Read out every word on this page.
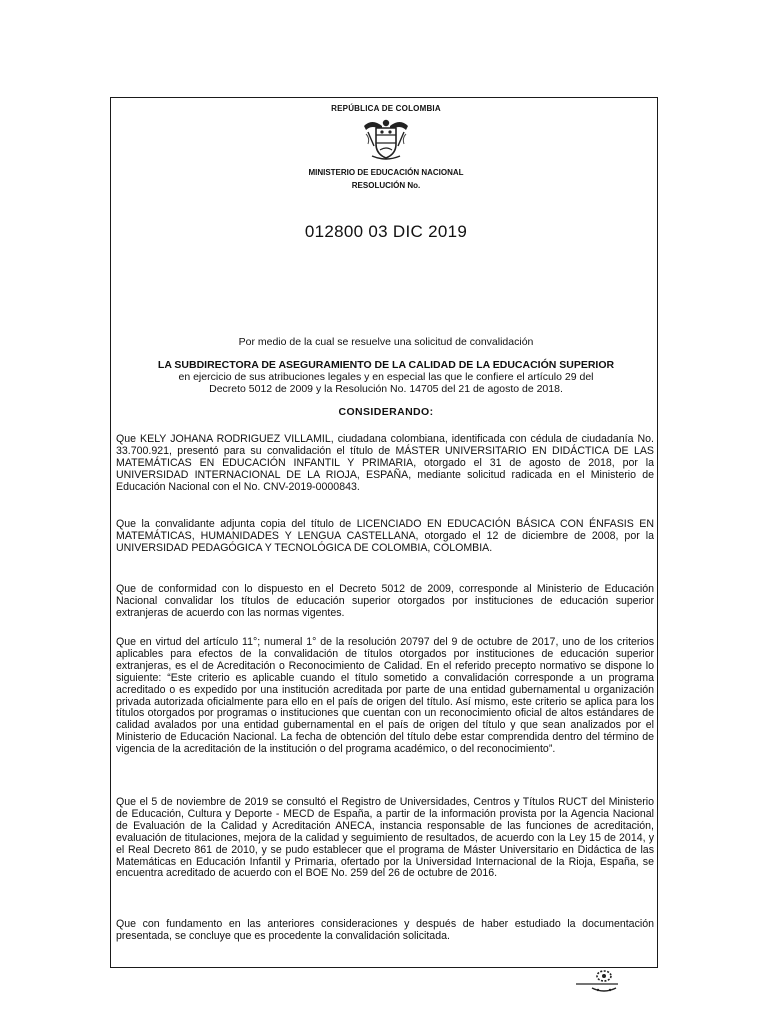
REPÚBLICA DE COLOMBIA
MINISTERIO DE EDUCACIÓN NACIONAL
RESOLUCIÓN No.
012800 03 DIC 2019
Por medio de la cual se resuelve una solicitud de convalidación
LA SUBDIRECTORA DE ASEGURAMIENTO DE LA CALIDAD DE LA EDUCACIÓN SUPERIOR
en ejercicio de sus atribuciones legales y en especial las que le confiere el artículo 29 del
Decreto 5012 de 2009 y la Resolución No. 14705 del 21 de agosto de 2018.
CONSIDERANDO:
Que KELY JOHANA RODRIGUEZ VILLAMIL, ciudadana colombiana, identificada con cédula de ciudadanía No. 33.700.921, presentó para su convalidación el título de MÁSTER UNIVERSITARIO EN DIDÁCTICA DE LAS MATEMÁTICAS EN EDUCACIÓN INFANTIL Y PRIMARIA, otorgado el 31 de agosto de 2018, por la UNIVERSIDAD INTERNACIONAL DE LA RIOJA, ESPAÑA, mediante solicitud radicada en el Ministerio de Educación Nacional con el No. CNV-2019-0000843.
Que la convalidante adjunta copia del título de LICENCIADO EN EDUCACIÓN BÁSICA CON ÉNFASIS EN MATEMÁTICAS, HUMANIDADES Y LENGUA CASTELLANA, otorgado el 12 de diciembre de 2008, por la UNIVERSIDAD PEDAGÓGICA Y TECNOLÓGICA DE COLOMBIA, COLOMBIA.
Que de conformidad con lo dispuesto en el Decreto 5012 de 2009, corresponde al Ministerio de Educación Nacional convalidar los títulos de educación superior otorgados por instituciones de educación superior extranjeras de acuerdo con las normas vigentes.
Que en virtud del artículo 11°; numeral 1° de la resolución 20797 del 9 de octubre de 2017, uno de los criterios aplicables para efectos de la convalidación de títulos otorgados por instituciones de educación superior extranjeras, es el de Acreditación o Reconocimiento de Calidad. En el referido precepto normativo se dispone lo siguiente: “Este criterio es aplicable cuando el título sometido a convalidación corresponde a un programa acreditado o es expedido por una institución acreditada por parte de una entidad gubernamental u organización privada autorizada oficialmente para ello en el país de origen del título. Así mismo, este criterio se aplica para los títulos otorgados por programas o instituciones que cuentan con un reconocimiento oficial de altos estándares de calidad avalados por una entidad gubernamental en el país de origen del título y que sean analizados por el Ministerio de Educación Nacional. La fecha de obtención del título debe estar comprendida dentro del término de vigencia de la acreditación de la institución o del programa académico, o del reconocimiento”.
Que el 5 de noviembre de 2019 se consultó el Registro de Universidades, Centros y Títulos RUCT del Ministerio de Educación, Cultura y Deporte - MECD de España, a partir de la información provista por la Agencia Nacional de Evaluación de la Calidad y Acreditación ANECA, instancia responsable de las funciones de acreditación, evaluación de titulaciones, mejora de la calidad y seguimiento de resultados, de acuerdo con la Ley 15 de 2014, y el Real Decreto 861 de 2010, y se pudo establecer que el programa de Máster Universitario en Didáctica de las Matemáticas en Educación Infantil y Primaria, ofertado por la Universidad Internacional de la Rioja, España, se encuentra acreditado de acuerdo con el BOE No. 259 del 26 de octubre de 2016.
Que con fundamento en las anteriores consideraciones y después de haber estudiado la documentación presentada, se concluye que es procedente la convalidación solicitada.
